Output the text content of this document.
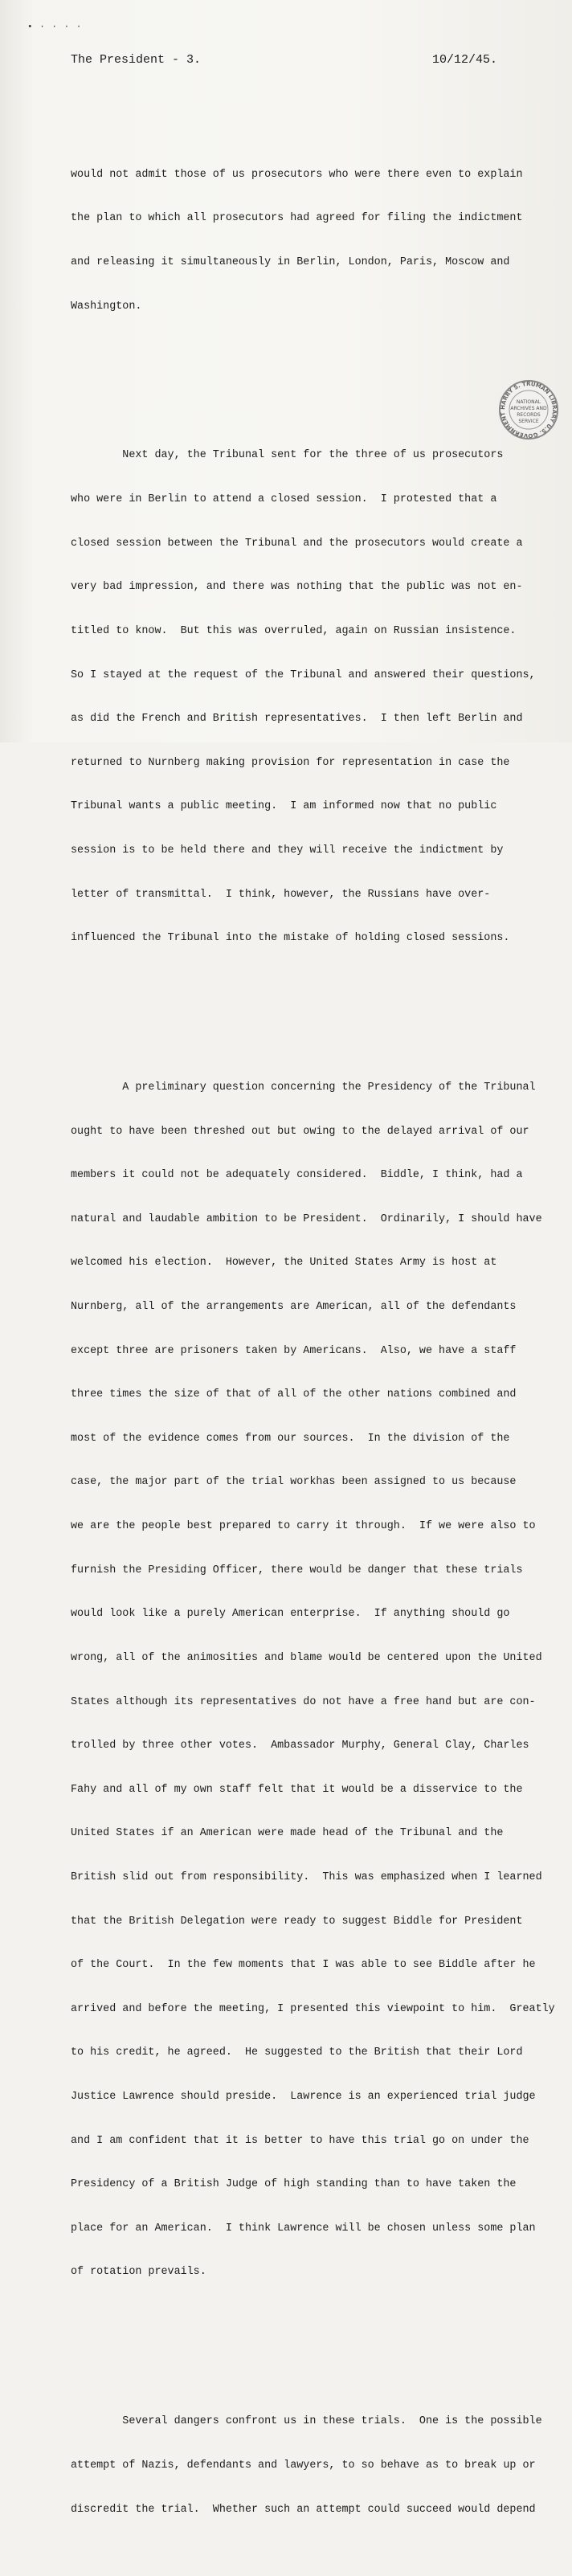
• · · · ·
The President - 3.	10/12/45.

would not admit those of us prosecutors who were there even to explain

the plan to which all prosecutors had agreed for filing the indictment

and releasing it simultaneously in Berlin, London, Paris, Moscow and

Washington.

Next day, the Tribunal sent for the three of us prosecutors

who were in Berlin to attend a closed session.  I protested that a

closed session between the Tribunal and the prosecutors would create a

very bad impression, and there was nothing that the public was not en-

titled to know.  But this was overruled, again on Russian insistence.

So I stayed at the request of the Tribunal and answered their questions,

as did the French and British representatives.  I then left Berlin and

returned to Nurnberg making provision for representation in case the

Tribunal wants a public meeting.  I am informed now that no public

session is to be held there and they will receive the indictment by

letter of transmittal.  I think, however, the Russians have over-

influenced the Tribunal into the mistake of holding closed sessions.

A preliminary question concerning the Presidency of the Tribunal

ought to have been threshed out but owing to the delayed arrival of our

members it could not be adequately considered.  Biddle, I think, had a

natural and laudable ambition to be President.  Ordinarily, I should have

welcomed his election.  However, the United States Army is host at

Nurnberg, all of the arrangements are American, all of the defendants

except three are prisoners taken by Americans.  Also, we have a staff

three times the size of that of all of the other nations combined and

most of the evidence comes from our sources.  In the division of the

case, the major part of the trial workhas been assigned to us because

we are the people best prepared to carry it through.  If we were also to

furnish the Presiding Officer, there would be danger that these trials

would look like a purely American enterprise.  If anything should go

wrong, all of the animosities and blame would be centered upon the United

States although its representatives do not have a free hand but are con-

trolled by three other votes.  Ambassador Murphy, General Clay, Charles

Fahy and all of my own staff felt that it would be a disservice to the

United States if an American were made head of the Tribunal and the

British slid out from responsibility.  This was emphasized when I learned

that the British Delegation were ready to suggest Biddle for President

of the Court.  In the few moments that I was able to see Biddle after he

arrived and before the meeting, I presented this viewpoint to him.  Greatly

to his credit, he agreed.  He suggested to the British that their Lord

Justice Lawrence should preside.  Lawrence is an experienced trial judge

and I am confident that it is better to have this trial go on under the

Presidency of a British Judge of high standing than to have taken the

place for an American.  I think Lawrence will be chosen unless some plan

of rotation prevails.

Several dangers confront us in these trials.  One is the possible

attempt of Nazis, defendants and lawyers, to so behave as to break up or

discredit the trial.  Whether such an attempt could succeed would depend

HARRY S. TRUMAN LIBRARY U.S. GOVERNMENT
NATIONAL
ARCHIVES AND
RECORDS
SERVICE
